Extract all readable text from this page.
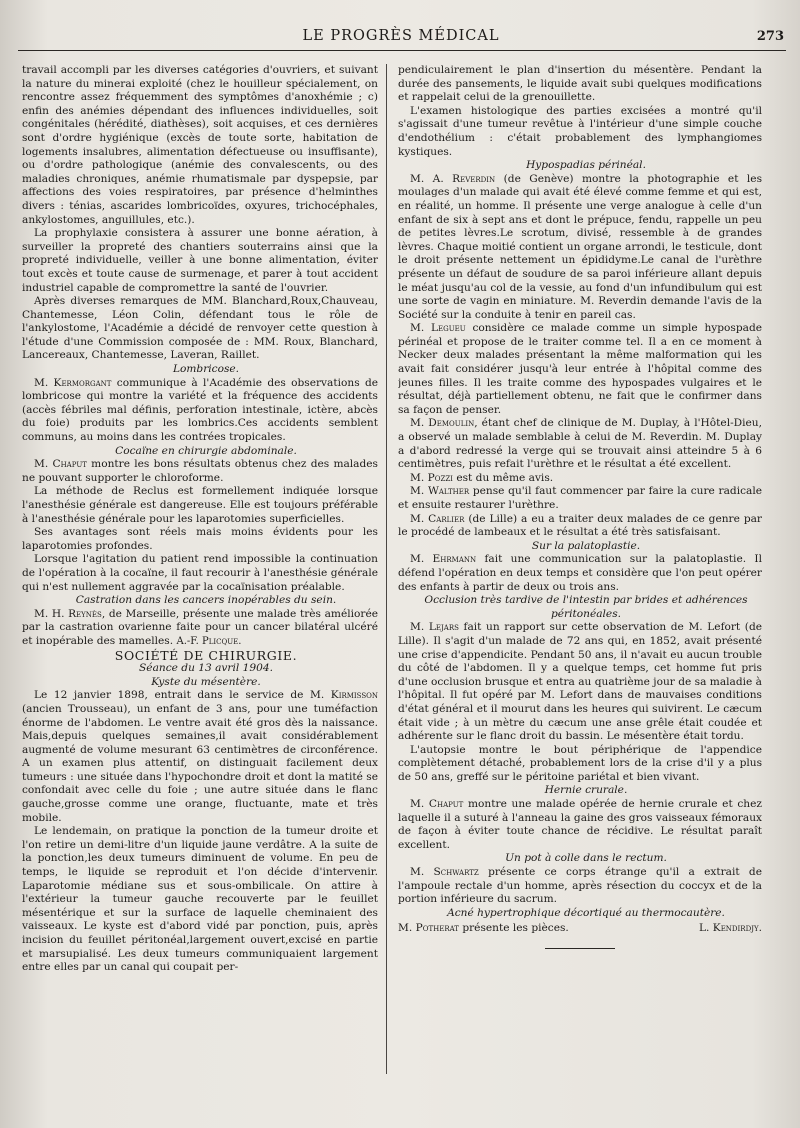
LE PROGRÈS MÉDICAL	273

travail accompli par les diverses catégories d'ouvriers, et suivant la nature du minerai exploité (chez le houilleur spécialement, on rencontre assez fréquemment des symptômes d'anoxhémie ; c) enfin des anémies dépendant des influences individuelles, soit congénitales (hérédité, diathèses), soit acquises, et ces dernières sont d'ordre hygiénique (excès de toute sorte, habitation de logements insalubres, alimentation défectueuse ou insuffisante), ou d'ordre pathologique (anémie des convalescents, ou des maladies chroniques, anémie rhumatismale par dyspepsie, par affections des voies respiratoires, par présence d'helminthes divers : ténias, ascarides lombricoïdes, oxyures, trichocéphales, ankylostomes, anguillules, etc.).

La prophylaxie consistera à assurer une bonne aération, à surveiller la propreté des chantiers souterrains ainsi que la propreté individuelle, veiller à une bonne alimentation, éviter tout excès et toute cause de surmenage, et parer à tout accident industriel capable de compromettre la santé de l'ouvrier.

Après diverses remarques de MM. Blanchard,Roux,Chauveau, Chantemesse, Léon Colin, défendant tous le rôle de l'ankylostome, l'Académie a décidé de renvoyer cette question à l'étude d'une Commission composée de : MM. Roux, Blanchard, Lancereaux, Chantemesse, Laveran, Raillet.

Lombricose.

M. Kermorgant communique à l'Académie des observations de lombricose qui montre la variété et la fréquence des accidents (accès fébriles mal définis, perforation intestinale, ictère, abcès du foie) produits par les lombrics.Ces accidents semblent communs, au moins dans les contrées tropicales.

Cocaïne en chirurgie abdominale.

M. Chaput montre les bons résultats obtenus chez des malades ne pouvant supporter le chloroforme.

La méthode de Reclus est formellement indiquée lorsque l'anesthésie générale est dangereuse. Elle est toujours préférable à l'anesthésie générale pour les laparotomies superficielles.

Ses avantages sont réels mais moins évidents pour les laparotomies profondes.

Lorsque l'agitation du patient rend impossible la continuation de l'opération à la cocaïne, il faut recourir à l'anesthésie générale qui n'est nullement aggravée par la cocaïnisation préalable.

Castration dans les cancers inopérables du sein.

M. H. Reynès, de Marseille, présente une malade très améliorée par la castration ovarienne faite pour un cancer bilatéral ulcéré et inopérable des mamelles. A.-F. Plicque.

SOCIÉTÉ DE CHIRURGIE.

Séance du 13 avril 1904.

Kyste du mésentère.

Le 12 janvier 1898, entrait dans le service de M. Kirmisson (ancien Trousseau), un enfant de 3 ans, pour une tuméfaction énorme de l'abdomen. Le ventre avait été gros dès la naissance. Mais,depuis quelques semaines,il avait considérablement augmenté de volume mesurant 63 centimètres de circonférence. A un examen plus attentif, on distinguait facilement deux tumeurs : une située dans l'hypochondre droit et dont la matité se confondait avec celle du foie ; une autre située dans le flanc gauche,grosse comme une orange, fluctuante, mate et très mobile.

Le lendemain, on pratique la ponction de la tumeur droite et l'on retire un demi-litre d'un liquide jaune verdâtre. A la suite de la ponction,les deux tumeurs diminuent de volume. En peu de temps, le liquide se reproduit et l'on décide d'intervenir. Laparotomie médiane sus et sous-ombilicale. On attire à l'extérieur la tumeur gauche recouverte par le feuillet mésentérique et sur la surface de laquelle cheminaient des vaisseaux. Le kyste est d'abord vidé par ponction, puis, après incision du feuillet péritonéal,largement ouvert,excisé en partie et marsupialisé. Les deux tumeurs communiquaient largement entre elles par un canal qui coupait per-

pendiculairement le plan d'insertion du mésentère. Pendant la durée des pansements, le liquide avait subi quelques modifications et rappelait celui de la grenouillette.

L'examen histologique des parties excisées a montré qu'il s'agissait d'une tumeur revêtue à l'intérieur d'une simple couche d'endothélium : c'était probablement des lymphangiomes kystiques.

Hypospadias périnéal.

M. A. Reverdin (de Genève) montre la photographie et les moulages d'un malade qui avait été élevé comme femme et qui est, en réalité, un homme. Il présente une verge analogue à celle d'un enfant de six à sept ans et dont le prépuce, fendu, rappelle un peu de petites lèvres.Le scrotum, divisé, ressemble à de grandes lèvres. Chaque moitié contient un organe arrondi, le testicule, dont le droit présente nettement un épididyme.Le canal de l'urèthre présente un défaut de soudure de sa paroi inférieure allant depuis le méat jusqu'au col de la vessie, au fond d'un infundibulum qui est une sorte de vagin en miniature. M. Reverdin demande l'avis de la Société sur la conduite à tenir en pareil cas.

M. Legueu considère ce malade comme un simple hypospade périnéal et propose de le traiter comme tel. Il a en ce moment à Necker deux malades présentant la même malformation qui les avait fait considérer jusqu'à leur entrée à l'hôpital comme des jeunes filles. Il les traite comme des hypospades vulgaires et le résultat, déjà partiellement obtenu, ne fait que le confirmer dans sa façon de penser.

M. Demoulin, étant chef de clinique de M. Duplay, à l'Hôtel-Dieu, a observé un malade semblable à celui de M. Reverdin. M. Duplay a d'abord redressé la verge qui se trouvait ainsi atteindre 5 à 6 centimètres, puis refait l'urèthre et le résultat a été excellent.

M. Pozzi est du même avis.

M. Walther pense qu'il faut commencer par faire la cure radicale et ensuite restaurer l'urèthre.

M. Carlier (de Lille) a eu a traiter deux malades de ce genre par le procédé de lambeaux et le résultat a été très satisfaisant.

Sur la palatoplastie.

M. Ehrmann fait une communication sur la palatoplastie. Il défend l'opération en deux temps et considère que l'on peut opérer des enfants à partir de deux ou trois ans.

Occlusion très tardive de l'intestin par brides et adhérences

péritonéales.

M. Lejars fait un rapport sur cette observation de M. Lefort (de Lille). Il s'agit d'un malade de 72 ans qui, en 1852, avait présenté une crise d'appendicite. Pendant 50 ans, il n'avait eu aucun trouble du côté de l'abdomen. Il y a quelque temps, cet homme fut pris d'une occlusion brusque et entra au quatrième jour de sa maladie à l'hôpital. Il fut opéré par M. Lefort dans de mauvaises conditions d'état général et il mourut dans les heures qui suivirent. Le cæcum était vide ; à un mètre du cæcum une anse grêle était coudée et adhérente sur le flanc droit du bassin. Le mésentère était tordu.

L'autopsie montre le bout périphérique de l'appendice complètement détaché, probablement lors de la crise d'il y a plus de 50 ans, greffé sur le péritoine pariétal et bien vivant.

Hernie crurale.

M. Chaput montre une malade opérée de hernie crurale et chez laquelle il a suturé à l'anneau la gaine des gros vaisseaux fémoraux de façon à éviter toute chance de récidive. Le résultat paraît excellent.

Un pot à colle dans le rectum.

M. Schwartz présente ce corps étrange qu'il a extrait de l'ampoule rectale d'un homme, après résection du coccyx et de la portion inférieure du sacrum.

Acné hypertrophique décortiqué au thermocautère.

M. Potherat présente les pièces.	L. Kendirdjy.
